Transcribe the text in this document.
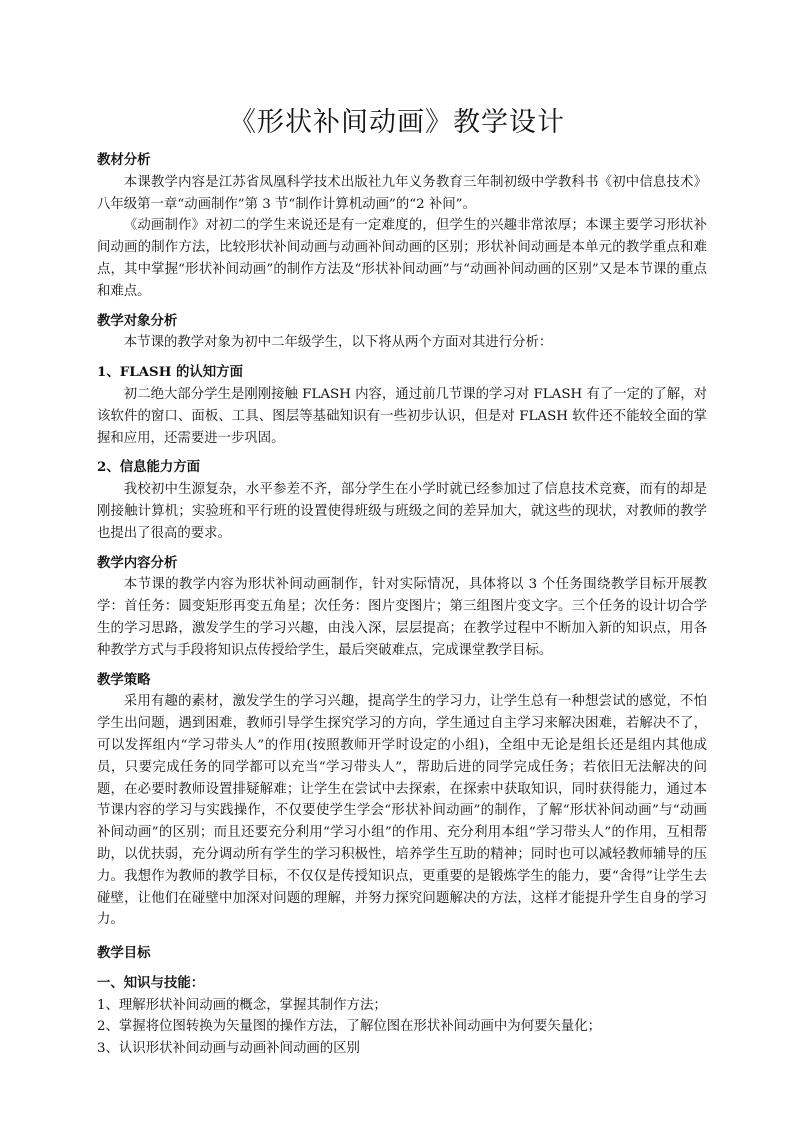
《形状补间动画》教学设计

教材分析

本课教学内容是江苏省凤凰科学技术出版社九年义务教育三年制初级中学教科书《初中信息技术》八年级第一章“动画制作”第 3 节“制作计算机动画”的“2 补间”。

《动画制作》对初二的学生来说还是有一定难度的，但学生的兴趣非常浓厚；本课主要学习形状补间动画的制作方法，比较形状补间动画与动画补间动画的区别；形状补间动画是本单元的教学重点和难点，其中掌握“形状补间动画”的制作方法及“形状补间动画”与“动画补间动画的区别”又是本节课的重点和难点。

教学对象分析

本节课的教学对象为初中二年级学生，以下将从两个方面对其进行分析：

1、FLASH 的认知方面

初二绝大部分学生是刚刚接触 FLASH 内容，通过前几节课的学习对 FLASH 有了一定的了解，对该软件的窗口、面板、工具、图层等基础知识有一些初步认识，但是对 FLASH 软件还不能较全面的掌握和应用，还需要进一步巩固。

2、信息能力方面

我校初中生源复杂，水平参差不齐，部分学生在小学时就已经参加过了信息技术竞赛，而有的却是刚接触计算机；实验班和平行班的设置使得班级与班级之间的差异加大，就这些的现状，对教师的教学也提出了很高的要求。

教学内容分析

本节课的教学内容为形状补间动画制作，针对实际情况，具体将以 3 个任务围绕教学目标开展教学：首任务：圆变矩形再变五角星；次任务：图片变图片；第三组图片变文字。三个任务的设计切合学生的学习思路，激发学生的学习兴趣，由浅入深，层层提高；在教学过程中不断加入新的知识点，用各种教学方式与手段将知识点传授给学生，最后突破难点，完成课堂教学目标。

教学策略

采用有趣的素材，激发学生的学习兴趣，提高学生的学习力，让学生总有一种想尝试的感觉，不怕学生出问题，遇到困难，教师引导学生探究学习的方向，学生通过自主学习来解决困难，若解决不了，可以发挥组内“学习带头人”的作用(按照教师开学时设定的小组)，全组中无论是组长还是组内其他成员，只要完成任务的同学都可以充当“学习带头人”，帮助后进的同学完成任务；若依旧无法解决的问题，在必要时教师设置排疑解难；让学生在尝试中去探索，在探索中获取知识，同时获得能力，通过本节课内容的学习与实践操作，不仅要使学生学会“形状补间动画”的制作，了解“形状补间动画”与“动画补间动画”的区别；而且还要充分利用“学习小组”的作用、充分利用本组“学习带头人”的作用，互相帮助，以优扶弱，充分调动所有学生的学习积极性，培养学生互助的精神；同时也可以减轻教师辅导的压力。我想作为教师的教学目标，不仅仅是传授知识点，更重要的是锻炼学生的能力，要“舍得”让学生去碰壁，让他们在碰壁中加深对问题的理解，并努力探究问题解决的方法，这样才能提升学生自身的学习力。

教学目标

一、知识与技能：

1、理解形状补间动画的概念，掌握其制作方法；

2、掌握将位图转换为矢量图的操作方法，了解位图在形状补间动画中为何要矢量化；

3、认识形状补间动画与动画补间动画的区别
